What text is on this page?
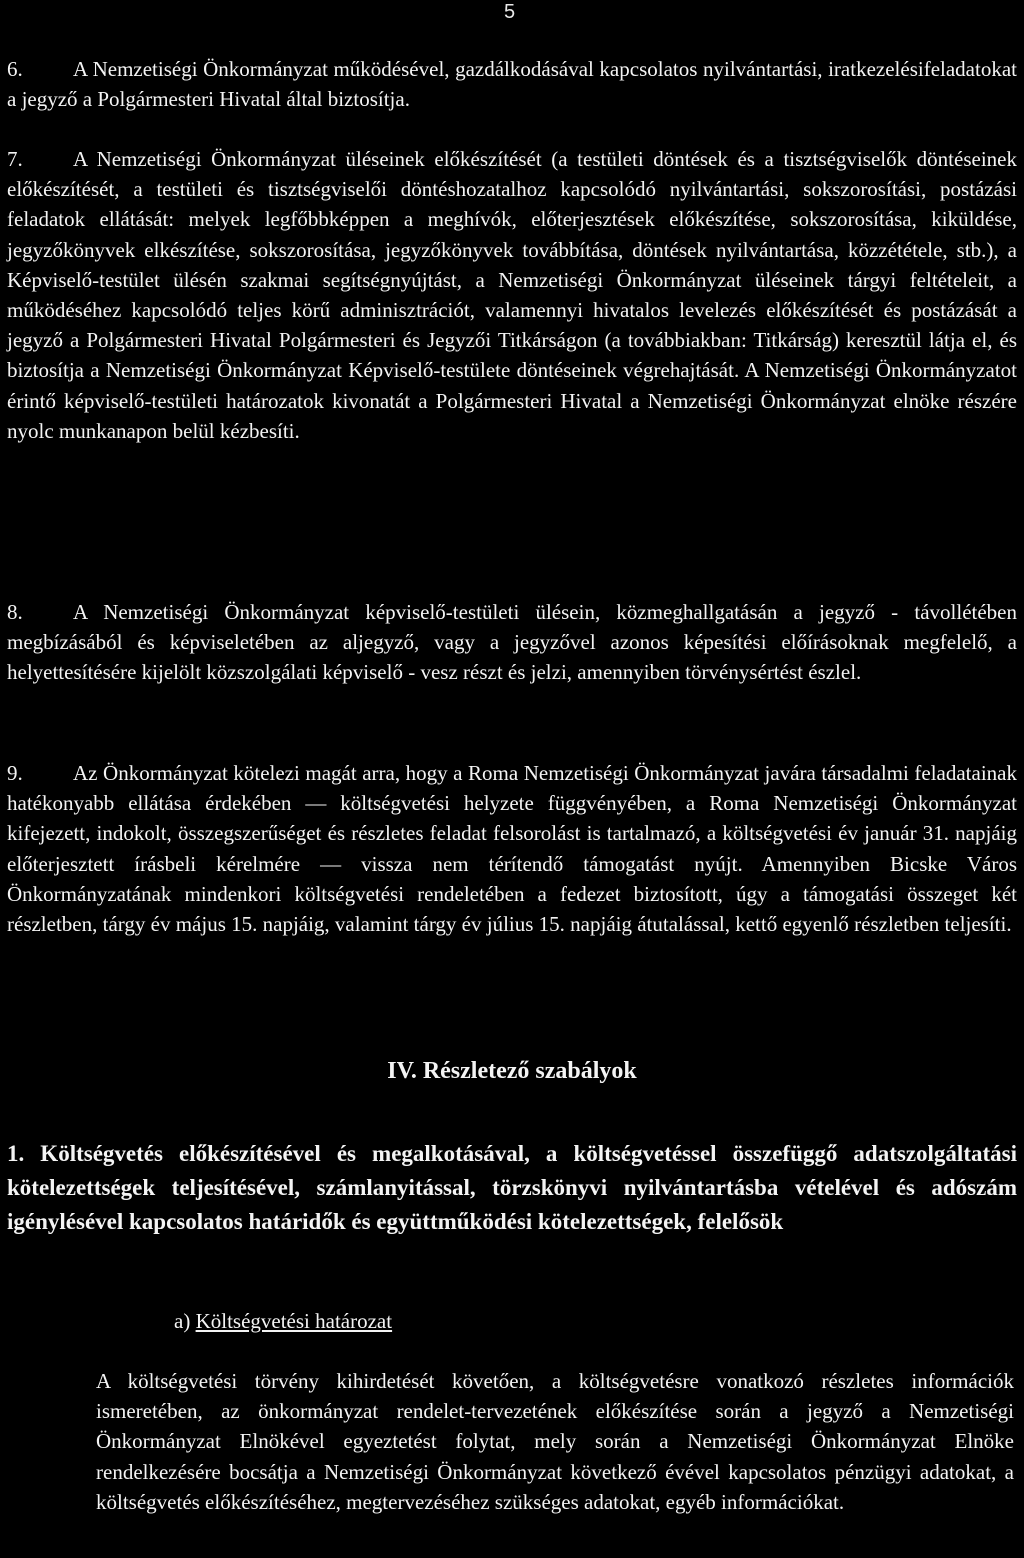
5

6. A Nemzetiségi Önkormányzat működésével, gazdálkodásával kapcsolatos nyilvántartási, iratkezelésifeladatokat a jegyző a Polgármesteri Hivatal által biztosítja.

7. A Nemzetiségi Önkormányzat üléseinek előkészítését (a testületi döntések és a tisztségviselők döntéseinek előkészítését, a testületi és tisztségviselői döntéshozatalhoz kapcsolódó nyilvántartási, sokszorosítási, postázási feladatok ellátását: melyek legfőbbképpen a meghívók, előterjesztések előkészítése, sokszorosítása, kiküldése, jegyzőkönyvek elkészítése, sokszorosítása, jegyzőkönyvek továbbítása, döntések nyilvántartása, közzététele, stb.), a Képviselő-testület ülésén szakmai segítségnyújtást, a Nemzetiségi Önkormányzat üléseinek tárgyi feltételeit, a működéséhez kapcsolódó teljes körű adminisztrációt, valamennyi hivatalos levelezés előkészítését és postázását a jegyző a Polgármesteri Hivatal Polgármesteri és Jegyzői Titkárságon (a továbbiakban: Titkárság) keresztül látja el, és biztosítja a Nemzetiségi Önkormányzat Képviselő-testülete döntéseinek végrehajtását. A Nemzetiségi Önkormányzatot érintő képviselő-testületi határozatok kivonatát a Polgármesteri Hivatal a Nemzetiségi Önkormányzat elnöke részére nyolc munkanapon belül kézbesíti.

8. A Nemzetiségi Önkormányzat képviselő-testületi ülésein, közmeghallgatásán a jegyző - távollétében megbízásából és képviseletében az aljegyző, vagy a jegyzővel azonos képesítési előírásoknak megfelelő, a helyettesítésére kijelölt közszolgálati képviselő - vesz részt és jelzi, amennyiben törvénysértést észlel.

9. Az Önkormányzat kötelezi magát arra, hogy a Roma Nemzetiségi Önkormányzat javára társadalmi feladatainak hatékonyabb ellátása érdekében — költségvetési helyzete függvényében, a Roma Nemzetiségi Önkormányzat kifejezett, indokolt, összegszerűséget és részletes feladat felsorolást is tartalmazó, a költségvetési év január 31. napjáig előterjesztett írásbeli kérelmére — vissza nem térítendő támogatást nyújt. Amennyiben Bicske Város Önkormányzatának mindenkori költségvetési rendeletében a fedezet biztosított, úgy a támogatási összeget két részletben, tárgy év május 15. napjáig, valamint tárgy év július 15. napjáig átutalással, kettő egyenlő részletben teljesíti.

IV. Részletező szabályok
1. Költségvetés előkészítésével és megalkotásával, a költségvetéssel összefüggő adatszolgáltatási kötelezettségek teljesítésével, számlanyitással, törzskönyvi nyilvántartásba vételével és adószám igénylésével kapcsolatos határidők és együttműködési kötelezettségek, felelősök

a) Költségvetési határozat

A költségvetési törvény kihirdetését követően, a költségvetésre vonatkozó részletes információk ismeretében, az önkormányzat rendelet-tervezetének előkészítése során a jegyző a Nemzetiségi Önkormányzat Elnökével egyeztetést folytat, mely során a Nemzetiségi Önkormányzat Elnöke rendelkezésére bocsátja a Nemzetiségi Önkormányzat következő évével kapcsolatos pénzügyi adatokat, a költségvetés előkészítéséhez, megtervezéséhez szükséges adatokat, egyéb információkat.
